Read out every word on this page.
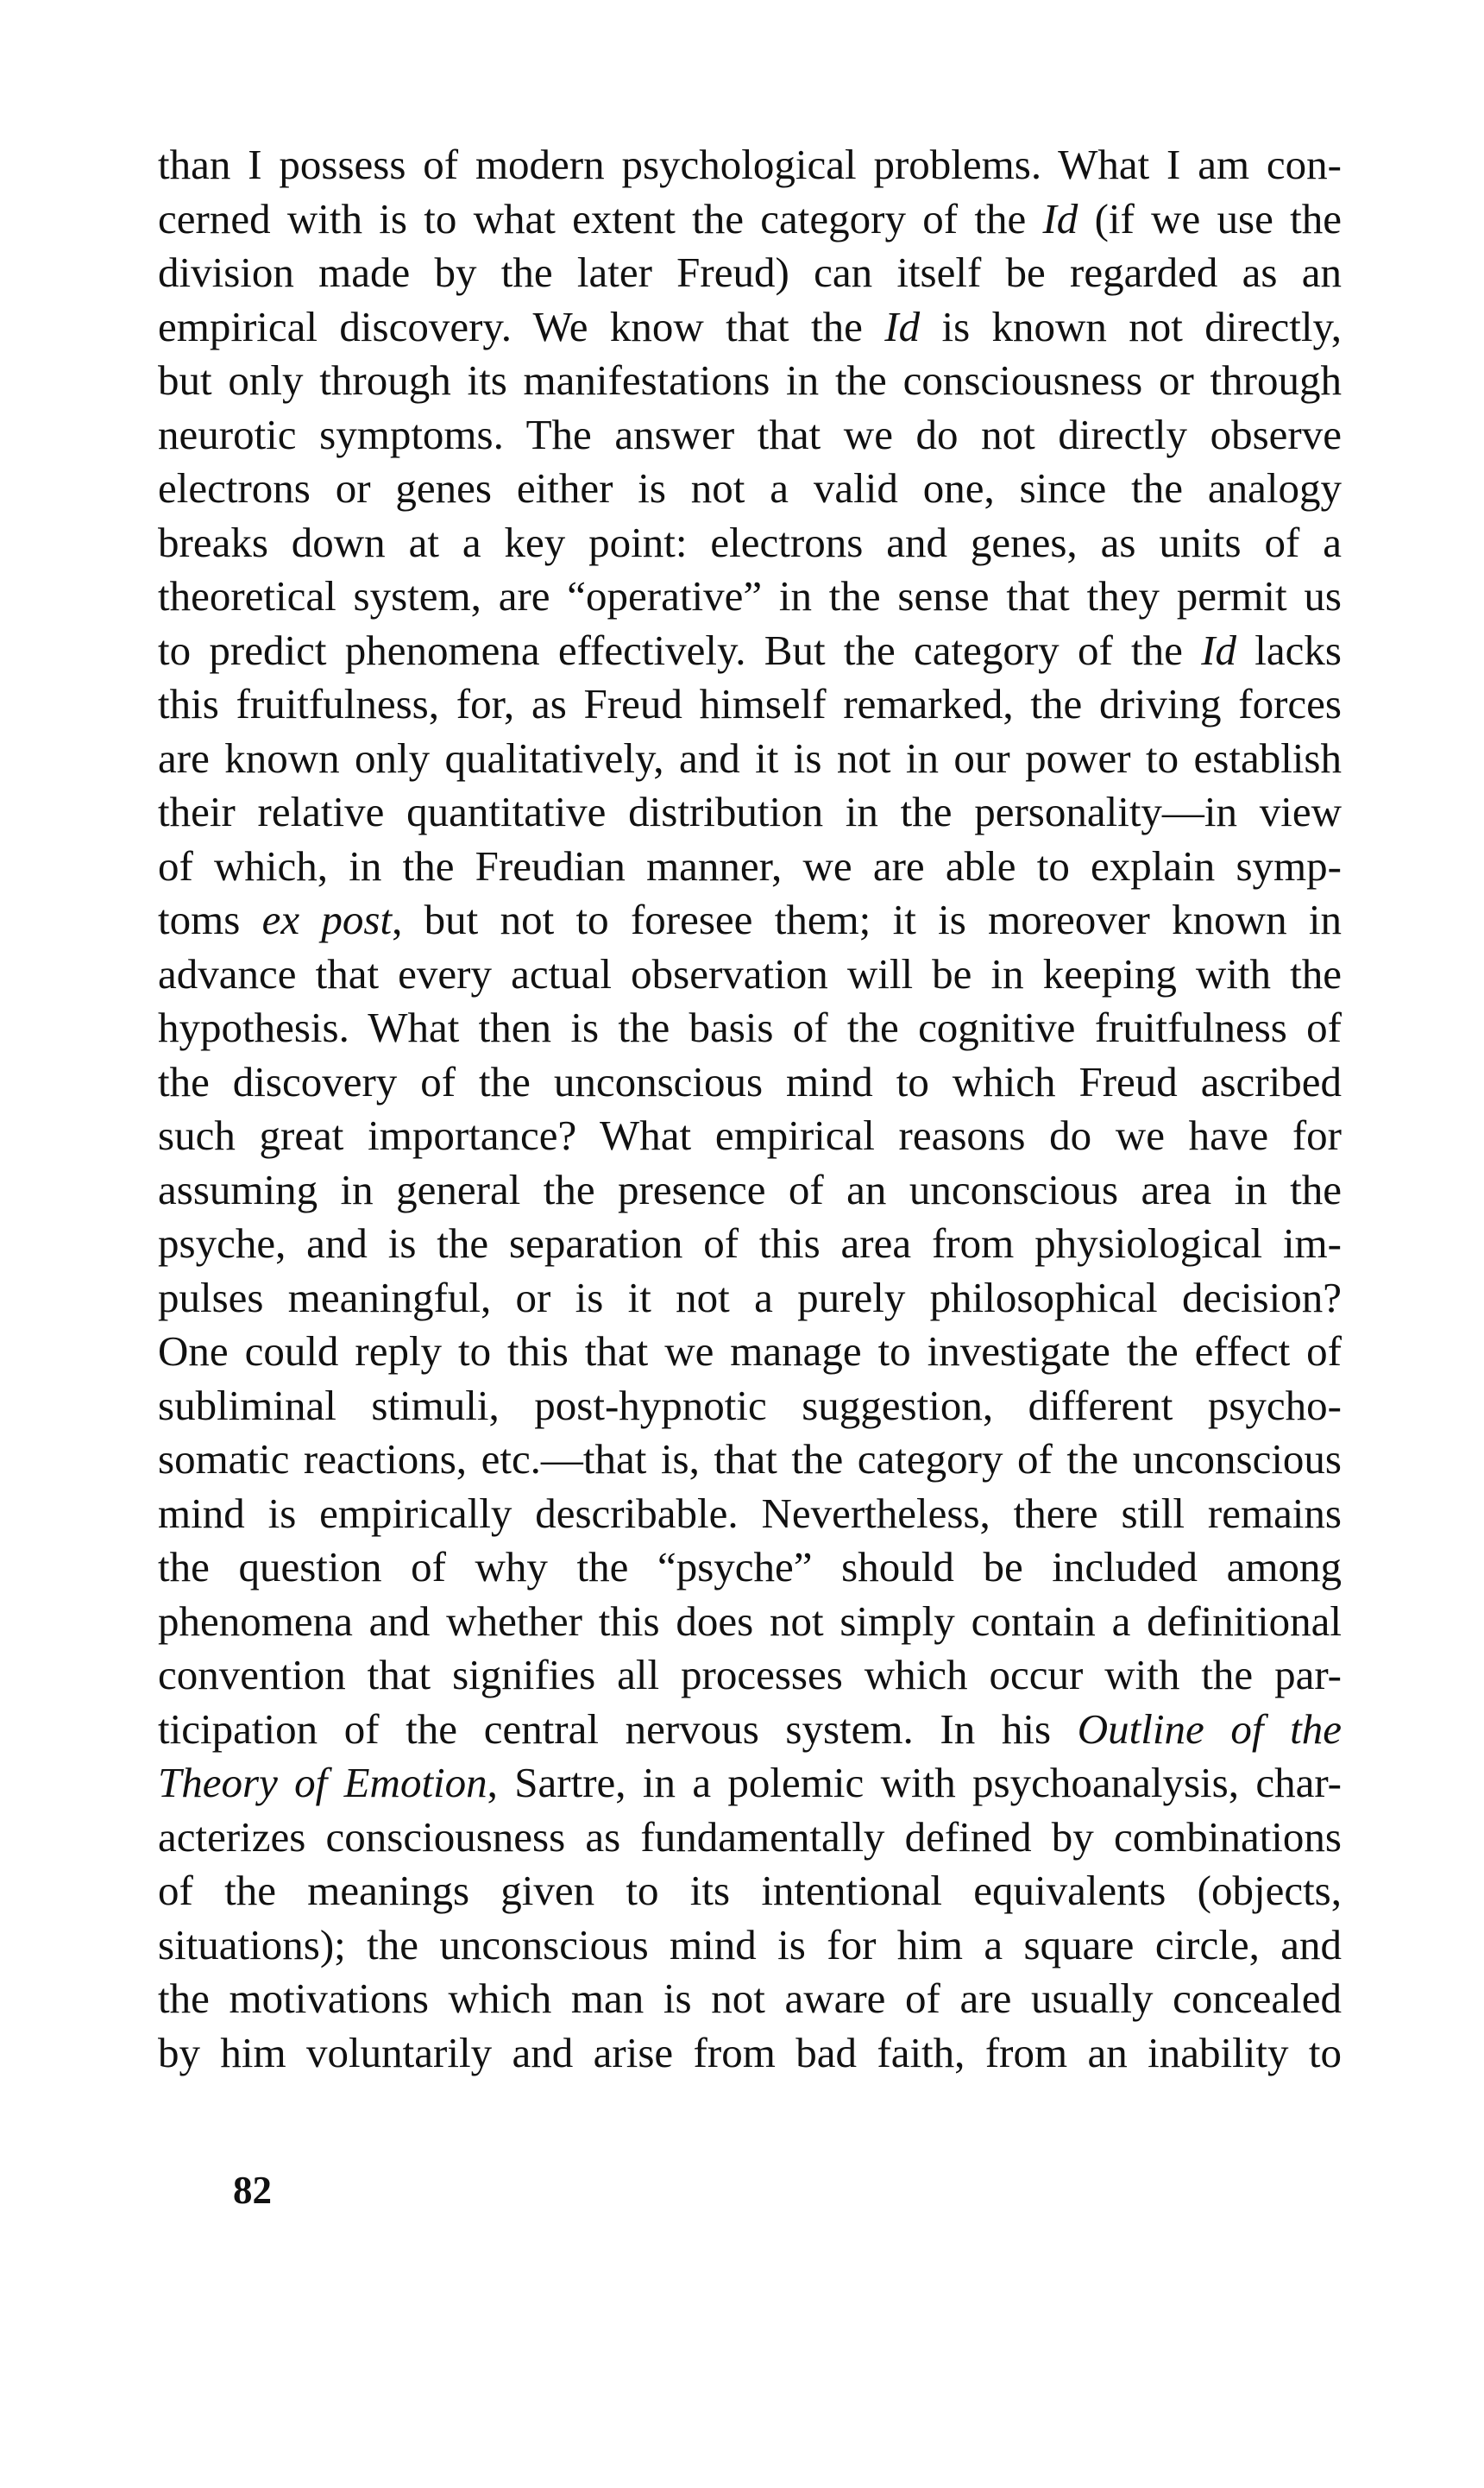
than I possess of modern psychological problems. What I am con-
cerned with is to what extent the category of the Id (if we use the
division made by the later Freud) can itself be regarded as an
empirical discovery. We know that the Id is known not directly,
but only through its manifestations in the consciousness or through
neurotic symptoms. The answer that we do not directly observe
electrons or genes either is not a valid one, since the analogy
breaks down at a key point: electrons and genes, as units of a
theoretical system, are “operative” in the sense that they permit us
to predict phenomena effectively. But the category of the Id lacks
this fruitfulness, for, as Freud himself remarked, the driving forces
are known only qualitatively, and it is not in our power to establish
their relative quantitative distribution in the personality—in view
of which, in the Freudian manner, we are able to explain symp-
toms ex post, but not to foresee them; it is moreover known in
advance that every actual observation will be in keeping with the
hypothesis. What then is the basis of the cognitive fruitfulness of
the discovery of the unconscious mind to which Freud ascribed
such great importance? What empirical reasons do we have for
assuming in general the presence of an unconscious area in the
psyche, and is the separation of this area from physiological im-
pulses meaningful, or is it not a purely philosophical decision?
One could reply to this that we manage to investigate the effect of
subliminal stimuli, post-hypnotic suggestion, different psycho-
somatic reactions, etc.—that is, that the category of the unconscious
mind is empirically describable. Nevertheless, there still remains
the question of why the “psyche” should be included among
phenomena and whether this does not simply contain a definitional
convention that signifies all processes which occur with the par-
ticipation of the central nervous system. In his Outline of the
Theory of Emotion, Sartre, in a polemic with psychoanalysis, char-
acterizes consciousness as fundamentally defined by combinations
of the meanings given to its intentional equivalents (objects,
situations); the unconscious mind is for him a square circle, and
the motivations which man is not aware of are usually concealed
by him voluntarily and arise from bad faith, from an inability to
82
